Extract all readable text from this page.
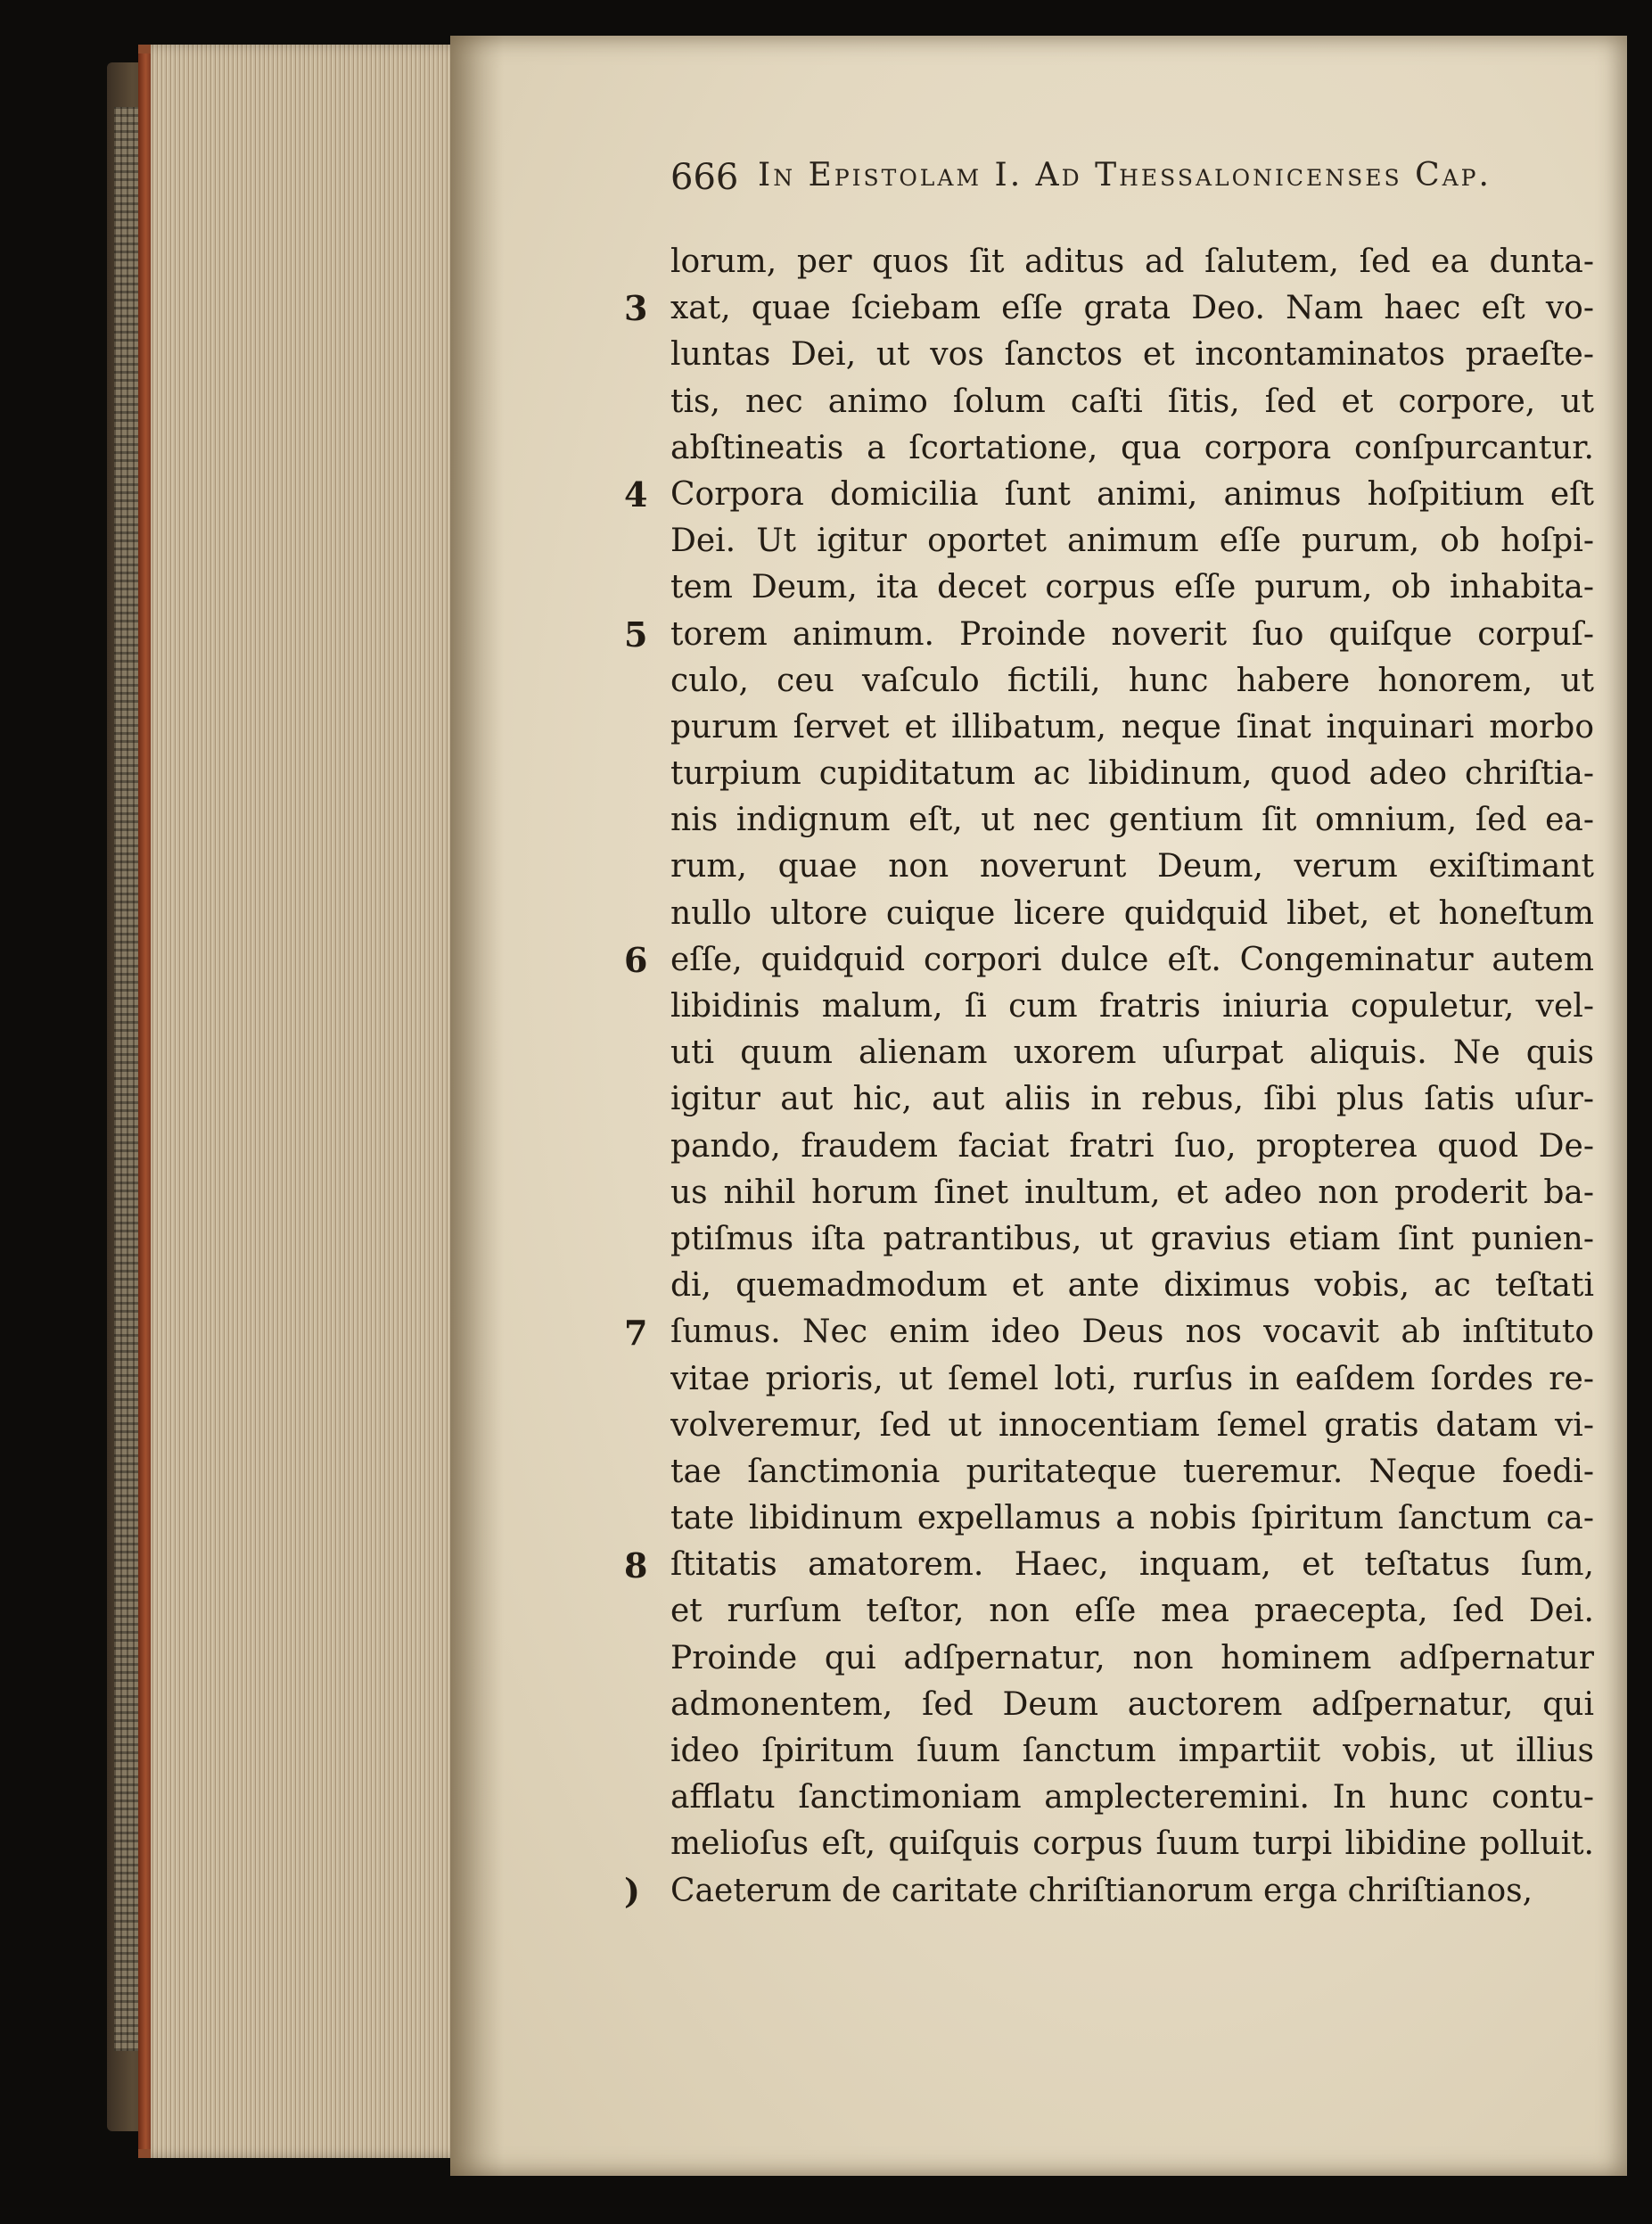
666 In Epistolam I. Ad Thessalonicenses Cap.
3
4
5
6
7
8
)
lorum, per quos ſit aditus ad ſalutem, ſed ea dunta-
xat, quae ſciebam eſſe grata Deo. Nam haec eſt vo-
luntas Dei, ut vos ſanctos et incontaminatos praeſte-
tis, nec animo ſolum caſti ſitis, ſed et corpore, ut
abſtineatis a ſcortatione, qua corpora conſpurcantur.
Corpora domicilia ſunt animi, animus hoſpitium eſt
Dei. Ut igitur oportet animum eſſe purum, ob hoſpi-
tem Deum, ita decet corpus eſſe purum, ob inhabita-
torem animum. Proinde noverit ſuo quiſque corpuſ-
culo, ceu vaſculo fictili, hunc habere honorem, ut
purum ſervet et illibatum, neque ſinat inquinari morbo
turpium cupiditatum ac libidinum, quod adeo chriſtia-
nis indignum eſt, ut nec gentium ſit omnium, ſed ea-
rum, quae non noverunt Deum, verum exiſtimant
nullo ultore cuique licere quidquid libet, et honeſtum
eſſe, quidquid corpori dulce eſt. Congeminatur autem
libidinis malum, ſi cum fratris iniuria copuletur, vel-
uti quum alienam uxorem uſurpat aliquis. Ne quis
igitur aut hic, aut aliis in rebus, ſibi plus ſatis uſur-
pando, fraudem faciat fratri ſuo, propterea quod De-
us nihil horum ſinet inultum, et adeo non proderit ba-
ptiſmus iſta patrantibus, ut gravius etiam ſint punien-
di, quemadmodum et ante diximus vobis, ac teſtati
ſumus. Nec enim ideo Deus nos vocavit ab inſtituto
vitae prioris, ut ſemel loti, rurſus in eaſdem ſordes re-
volveremur, ſed ut innocentiam ſemel gratis datam vi-
tae ſanctimonia puritateque tueremur. Neque foedi-
tate libidinum expellamus a nobis ſpiritum ſanctum ca-
ſtitatis amatorem. Haec, inquam, et teſtatus ſum,
et rurſum teſtor, non eſſe mea praecepta, ſed Dei.
Proinde qui adſpernatur, non hominem adſpernatur
admonentem, ſed Deum auctorem adſpernatur, qui
ideo ſpiritum ſuum ſanctum impartiit vobis, ut illius
afflatu ſanctimoniam amplecteremini. In hunc contu-
melioſus eſt, quiſquis corpus ſuum turpi libidine polluit.
Caeterum de caritate chriſtianorum erga chriſtianos,
